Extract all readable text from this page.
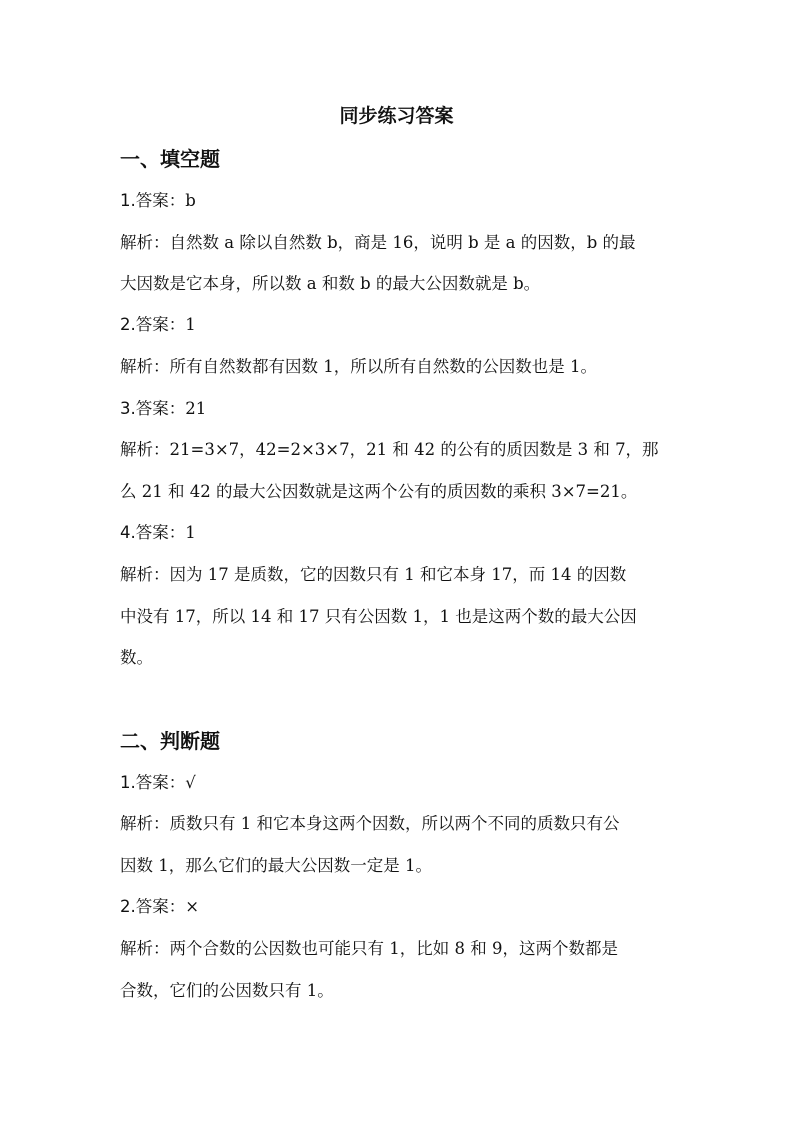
同步练习答案
一、填空题

1.答案：b

解析：自然数 a 除以自然数 b，商是 16，说明 b 是 a 的因数，b 的最

大因数是它本身，所以数 a 和数 b 的最大公因数就是 b。

2.答案：1

解析：所有自然数都有因数 1，所以所有自然数的公因数也是 1。

3.答案：21

解析：21=3×7，42=2×3×7，21 和 42 的公有的质因数是 3 和 7，那

么 21 和 42 的最大公因数就是这两个公有的质因数的乘积 3×7=21。

4.答案：1

解析：因为 17 是质数，它的因数只有 1 和它本身 17，而 14 的因数

中没有 17，所以 14 和 17 只有公因数 1，1 也是这两个数的最大公因

数。

二、判断题

1.答案：√

解析：质数只有 1 和它本身这两个因数，所以两个不同的质数只有公

因数 1，那么它们的最大公因数一定是 1。

2.答案：×

解析：两个合数的公因数也可能只有 1，比如 8 和 9，这两个数都是

合数，它们的公因数只有 1。
